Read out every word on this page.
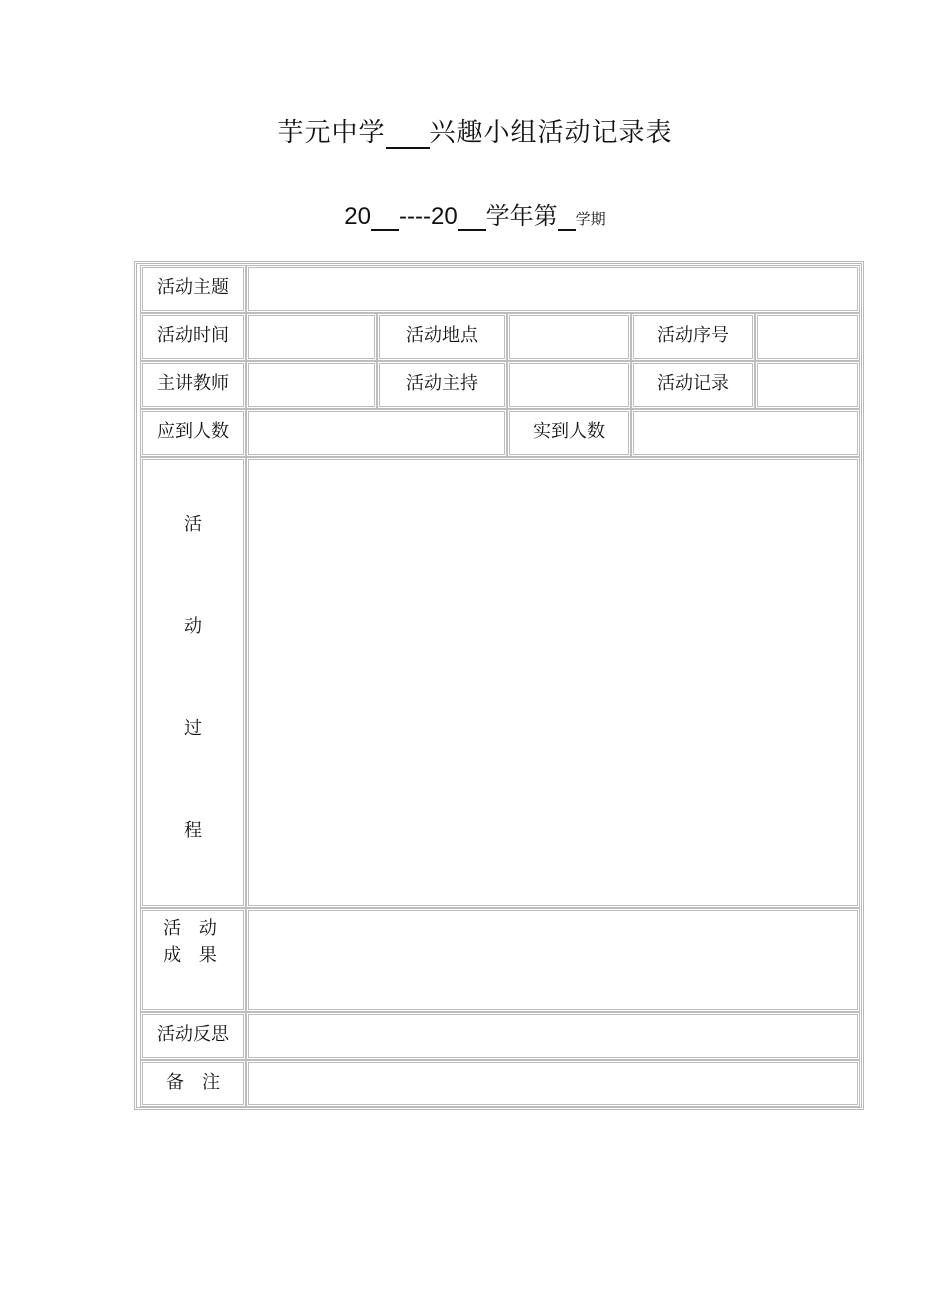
芋元中学 兴趣小组活动记录表
20 ----20 学年第 学期
活动主题
活动时间	活动地点	活动序号
主讲教师	活动主持	活动记录
应到人数	实到人数
活
动
过
程
活 动
成 果
活动反思
备　注
